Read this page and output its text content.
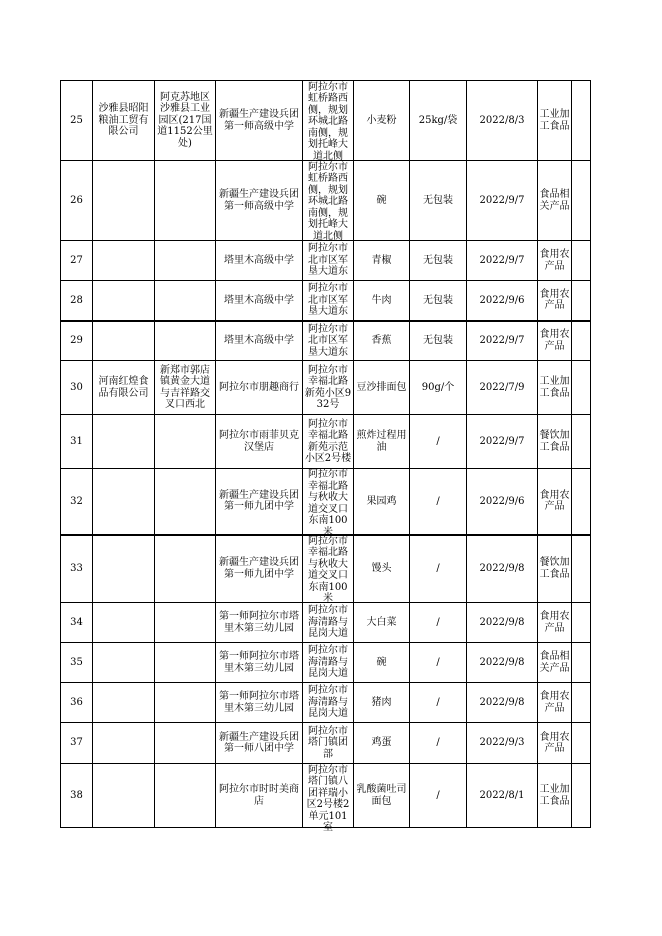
25	沙雅县昭阳粮油工贸有限公司	阿克苏地区沙雅县工业园区(217国道1152公里处)	新疆生产建设兵团第一师高级中学	阿拉尔市虹桥路西侧，规划环城北路南侧，规划托峰大道北侧	小麦粉	25kg/袋	2022/8/3	工业加工食品	

26			新疆生产建设兵团第一师高级中学	阿拉尔市虹桥路西侧，规划环城北路南侧，规划托峰大道北侧	碗	无包装	2022/9/7	食品相关产品	

27			塔里木高级中学	阿拉尔市北市区军垦大道东	青椒	无包装	2022/9/7	食用农产品	

28			塔里木高级中学	阿拉尔市北市区军垦大道东	牛肉	无包装	2022/9/6	食用农产品	

29			塔里木高级中学	阿拉尔市北市区军垦大道东	香蕉	无包装	2022/9/7	食用农产品	

30	河南红煌食品有限公司	新郑市郭店镇黄金大道与吉祥路交叉口西北	阿拉尔市朋趣商行	阿拉尔市幸福北路新苑小区932号	豆沙排面包	90g/个	2022/7/9	工业加工食品	

31			阿拉尔市雨菲贝克汉堡店	阿拉尔市幸福北路新苑示范小区2号楼	煎炸过程用油	/	2022/9/7	餐饮加工食品	

32			新疆生产建设兵团第一师九团中学	阿拉尔市幸福北路与秋收大道交叉口东南100米	果园鸡	/	2022/9/6	食用农产品	

33			新疆生产建设兵团第一师九团中学	阿拉尔市幸福北路与秋收大道交叉口东南100米	馒头	/	2022/9/8	餐饮加工食品	

34			第一师阿拉尔市塔里木第三幼儿园	阿拉尔市海清路与昆岗大道	大白菜	/	2022/9/8	食用农产品	

35			第一师阿拉尔市塔里木第三幼儿园	阿拉尔市海清路与昆岗大道	碗	/	2022/9/8	食品相关产品	

36			第一师阿拉尔市塔里木第三幼儿园	阿拉尔市海清路与昆岗大道	猪肉	/	2022/9/8	食用农产品	

37			新疆生产建设兵团第一师八团中学	阿拉尔市塔门镇团部	鸡蛋	/	2022/9/3	食用农产品	

38			阿拉尔市时时美商店	阿拉尔市塔门镇八团祥瑞小区2号楼2单元101室	乳酸菌吐司面包	/	2022/8/1	工业加工食品	
